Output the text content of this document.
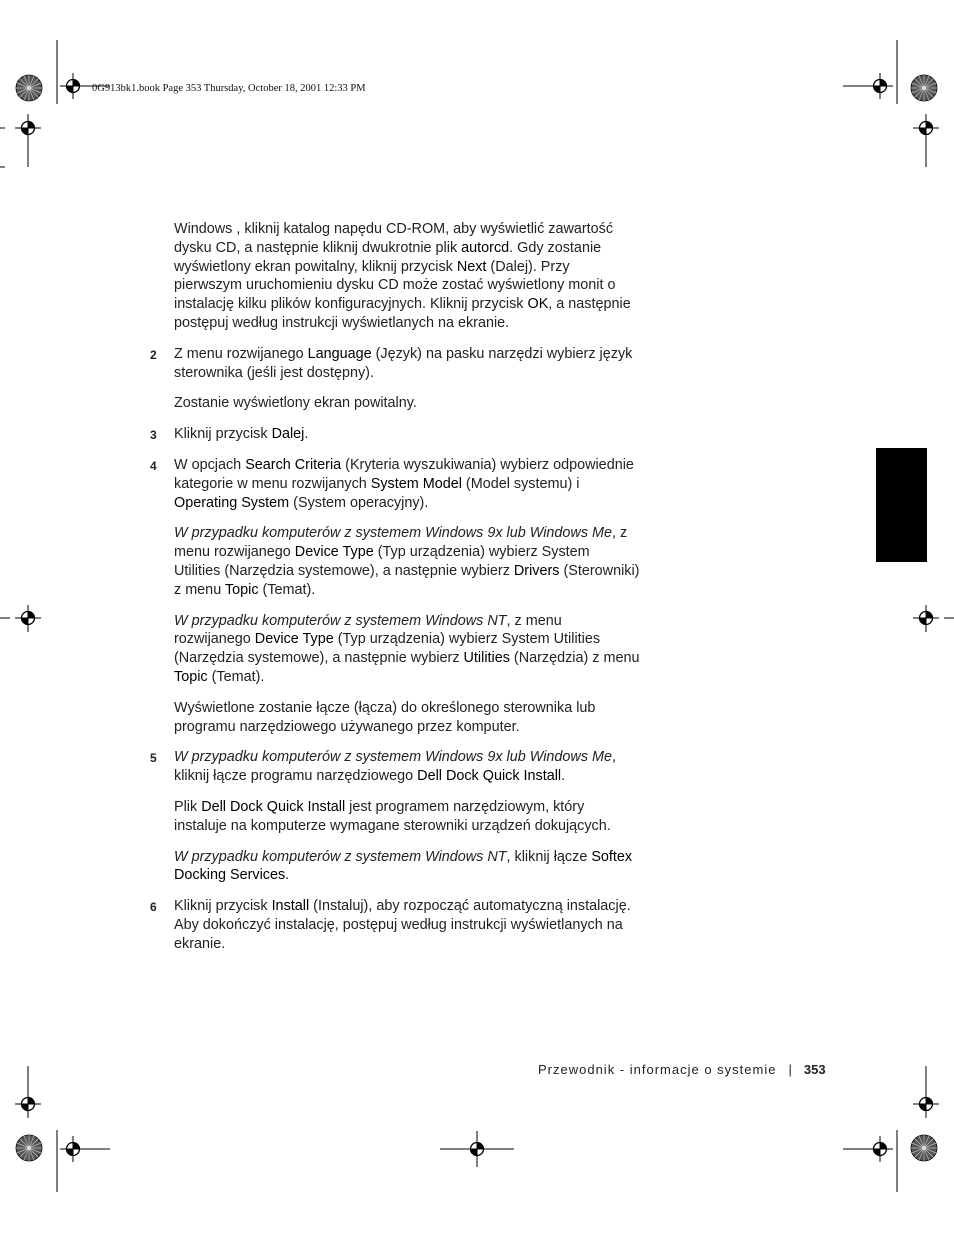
0G913bk1.book Page 353 Thursday, October 18, 2001 12:33 PM

Windows , kliknij katalog napędu CD-ROM, aby wyświetlić zawartość dysku CD, a następnie kliknij dwukrotnie plik autorcd. Gdy zostanie wyświetlony ekran powitalny, kliknij przycisk Next (Dalej). Przy pierwszym uruchomieniu dysku CD może zostać wyświetlony monit o instalację kilku plików konfiguracyjnych. Kliknij przycisk OK, a następnie postępuj według instrukcji wyświetlanych na ekranie.

2 Z menu rozwijanego Language (Język) na pasku narzędzi wybierz język sterownika (jeśli jest dostępny).

Zostanie wyświetlony ekran powitalny.

3 Kliknij przycisk Dalej.
4 W opcjach Search Criteria (Kryteria wyszukiwania) wybierz odpowiednie kategorie w menu rozwijanych System Model (Model systemu) i Operating System (System operacyjny).

W przypadku komputerów z systemem Windows 9x lub Windows Me, z menu rozwijanego Device Type (Typ urządzenia) wybierz System Utilities (Narzędzia systemowe), a następnie wybierz Drivers (Sterowniki) z menu Topic (Temat).

W przypadku komputerów z systemem Windows NT, z menu rozwijanego Device Type (Typ urządzenia) wybierz System Utilities (Narzędzia systemowe), a następnie wybierz Utilities (Narzędzia) z menu Topic (Temat).

Wyświetlone zostanie łącze (łącza) do określonego sterownika lub programu narzędziowego używanego przez komputer.

5 W przypadku komputerów z systemem Windows 9x lub Windows Me, kliknij łącze programu narzędziowego Dell Dock Quick Install.

Plik Dell Dock Quick Install jest programem narzędziowym, który instaluje na komputerze wymagane sterowniki urządzeń dokujących.

W przypadku komputerów z systemem Windows NT, kliknij łącze Softex Docking Services.

6 Kliknij przycisk Install (Instaluj), aby rozpocząć automatyczną instalację. Aby dokończyć instalację, postępuj według instrukcji wyświetlanych na ekranie.
Przewodnik - informacje o systemie | 353
